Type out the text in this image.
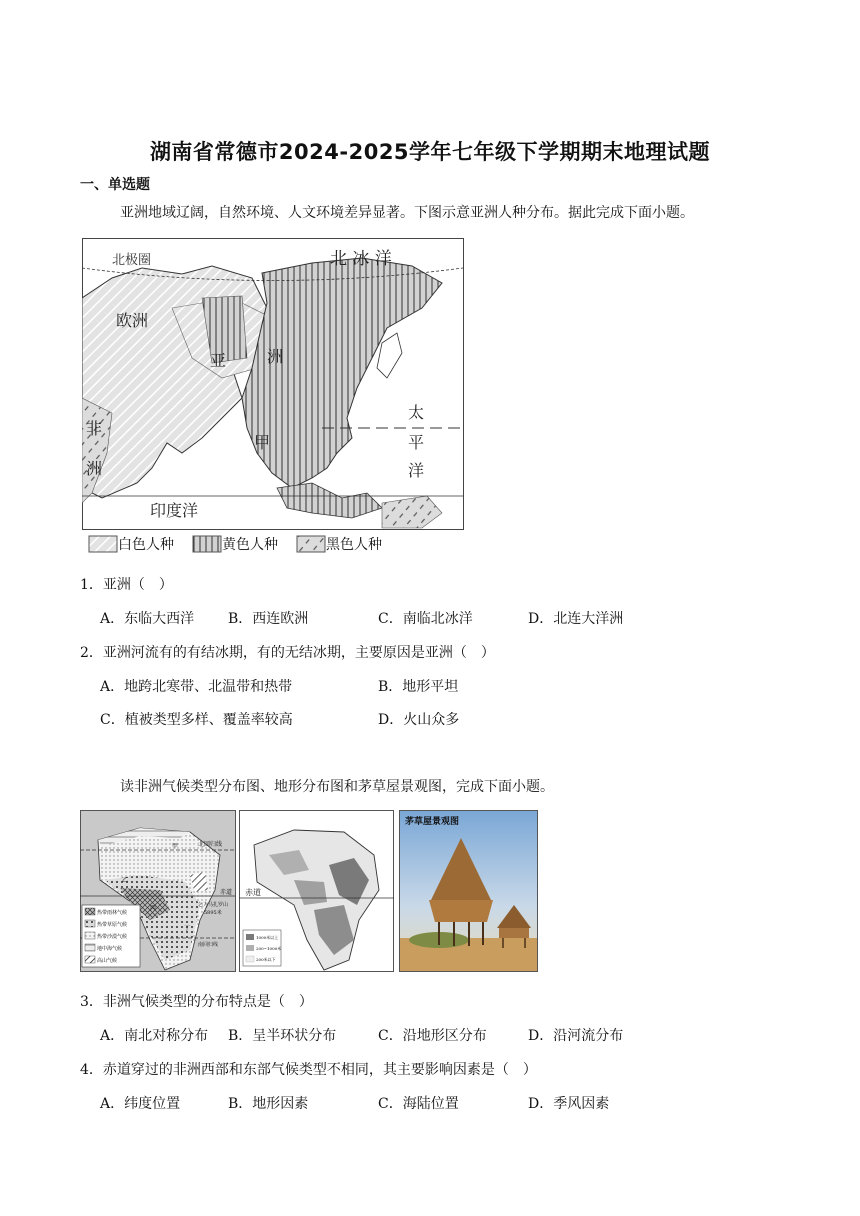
湖南省常德市2024-2025学年七年级下学期期末地理试题
一、单选题
亚洲地域辽阔，自然环境、人文环境差异显著。下图示意亚洲人种分布。据此完成下面小题。
北极圈	北 冰 洋
欧洲
亚	洲
非
洲
甲
太
平
洋
印度洋
白色人种	黄色人种	黑色人种
1．亚洲（　）
A．东临大西洋 B．西连欧洲	C．南临北冰洋	D．北连大洋洲
2．亚洲河流有的有结冰期，有的无结冰期，主要原因是亚洲（　）
A．地跨北寒带、北温带和热带	B．地形平坦
C．植被类型多样、覆盖率较高	D．火山众多
读非洲气候类型分布图、地形分布图和茅草屋景观图，完成下面小题。
北回归线
赤道
乞力马扎罗山
5895米
南回归线
甲
乙
丙
丁
热带雨林气候
热带草原气候
热带沙漠气候
地中海气候
高山气候
赤道
1000米以上
200~1000米
200米以下
茅草屋景观图
3．非洲气候类型的分布特点是（　）
A．南北对称分布 B．呈半环状分布	C．沿地形区分布	D．沿河流分布
4．赤道穿过的非洲西部和东部气候类型不相同，其主要影响因素是（　）
A．纬度位置	B．地形因素	C．海陆位置	D．季风因素
